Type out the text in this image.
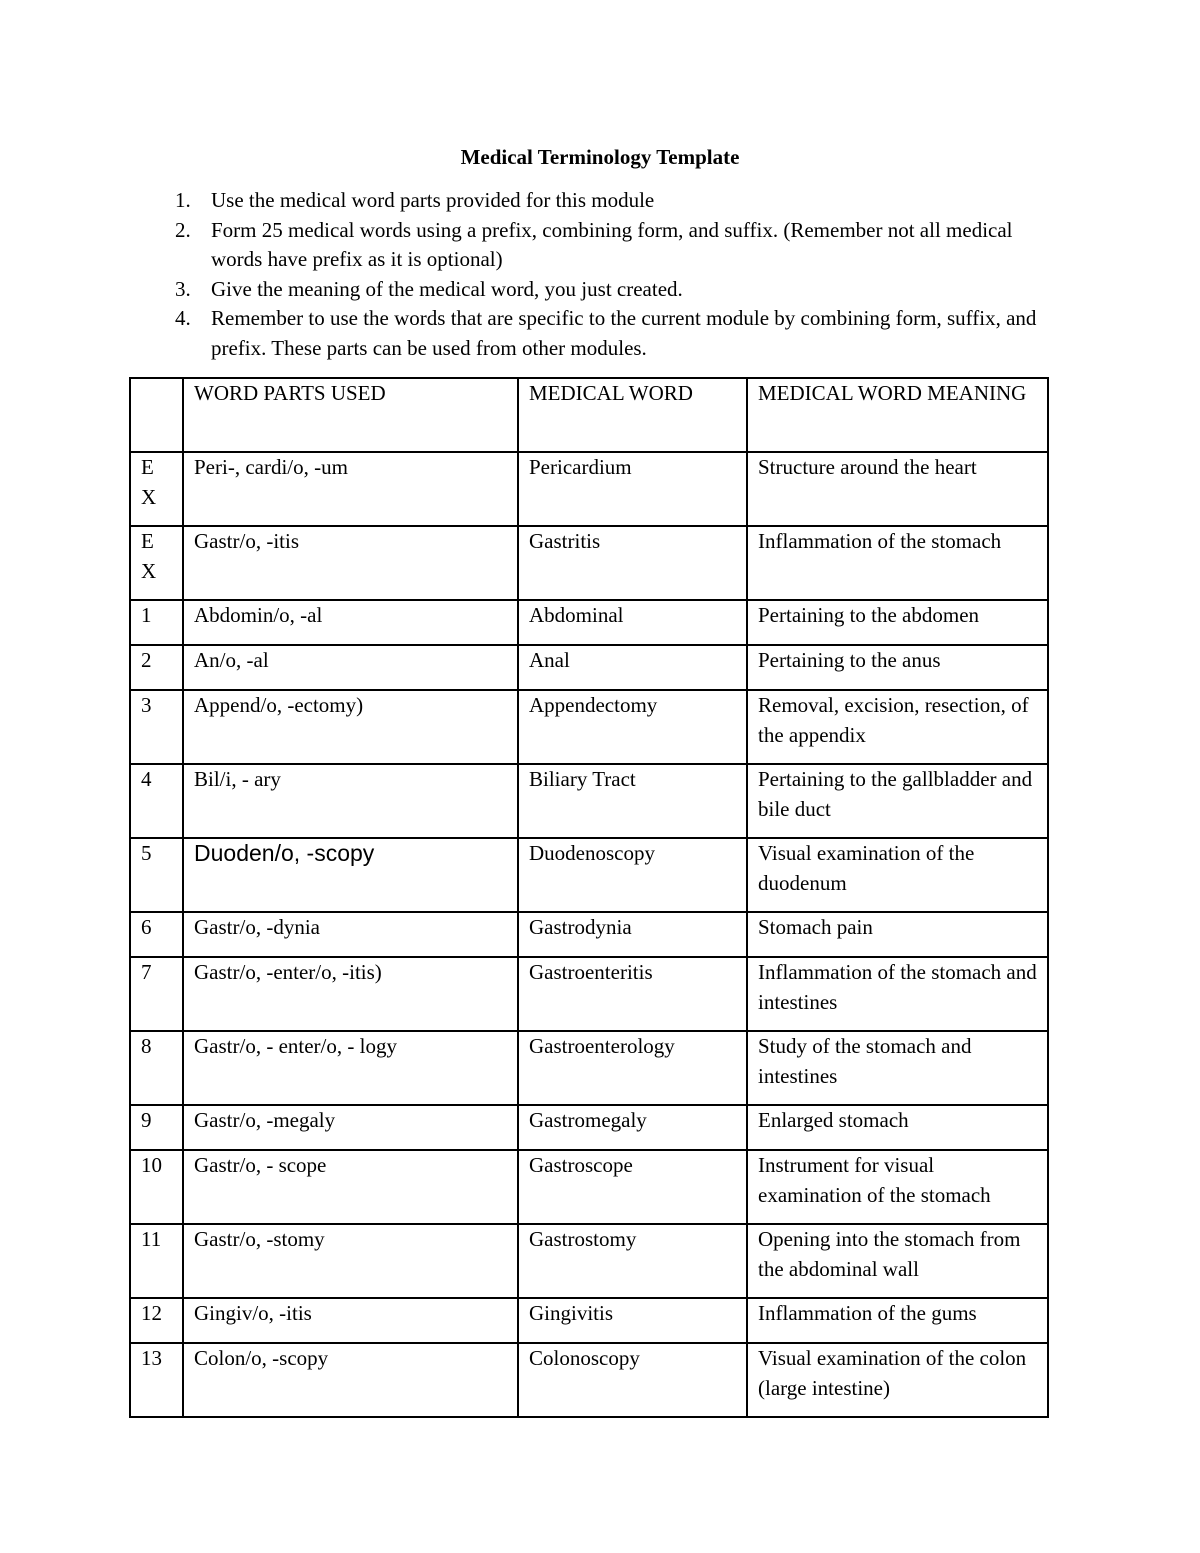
Medical Terminology Template
1. Use the medical word parts provided for this module
2. Form 25 medical words using a prefix, combining form, and suffix. (Remember not all medical words have prefix as it is optional)
3. Give the meaning of the medical word, you just created.
4. Remember to use the words that are specific to the current module by combining form, suffix, and prefix. These parts can be used from other modules.
	WORD PARTS USED	MEDICAL WORD	MEDICAL WORD MEANING

EX	Peri-, cardi/o, -um	Pericardium	Structure around the heart

EX	Gastr/o, -itis	Gastritis	Inflammation of the stomach
1	Abdomin/o, -al	Abdominal	Pertaining to the abdomen
2	An/o, -al	Anal	Pertaining to the anus
3	Append/o, -ectomy)	Appendectomy	Removal, excision, resection, of the appendix
4	Bil/i, - ary	Biliary Tract	Pertaining to the gallbladder and bile duct
5	Duoden/o, -scopy	Duodenoscopy	Visual examination of the duodenum
6	Gastr/o, -dynia	Gastrodynia	Stomach pain
7	Gastr/o, -enter/o, -itis)	Gastroenteritis	Inflammation of the stomach and intestines
8	Gastr/o, - enter/o, - logy	Gastroenterology	Study of the stomach and intestines
9	Gastr/o, -megaly	Gastromegaly	Enlarged stomach
10	Gastr/o, - scope	Gastroscope	Instrument for visual examination of the stomach
11	Gastr/o, -stomy	Gastrostomy	Opening into the stomach from the abdominal wall
12	Gingiv/o, -itis	Gingivitis	Inflammation of the gums
13	Colon/o, -scopy	Colonoscopy	Visual examination of the colon (large intestine)
